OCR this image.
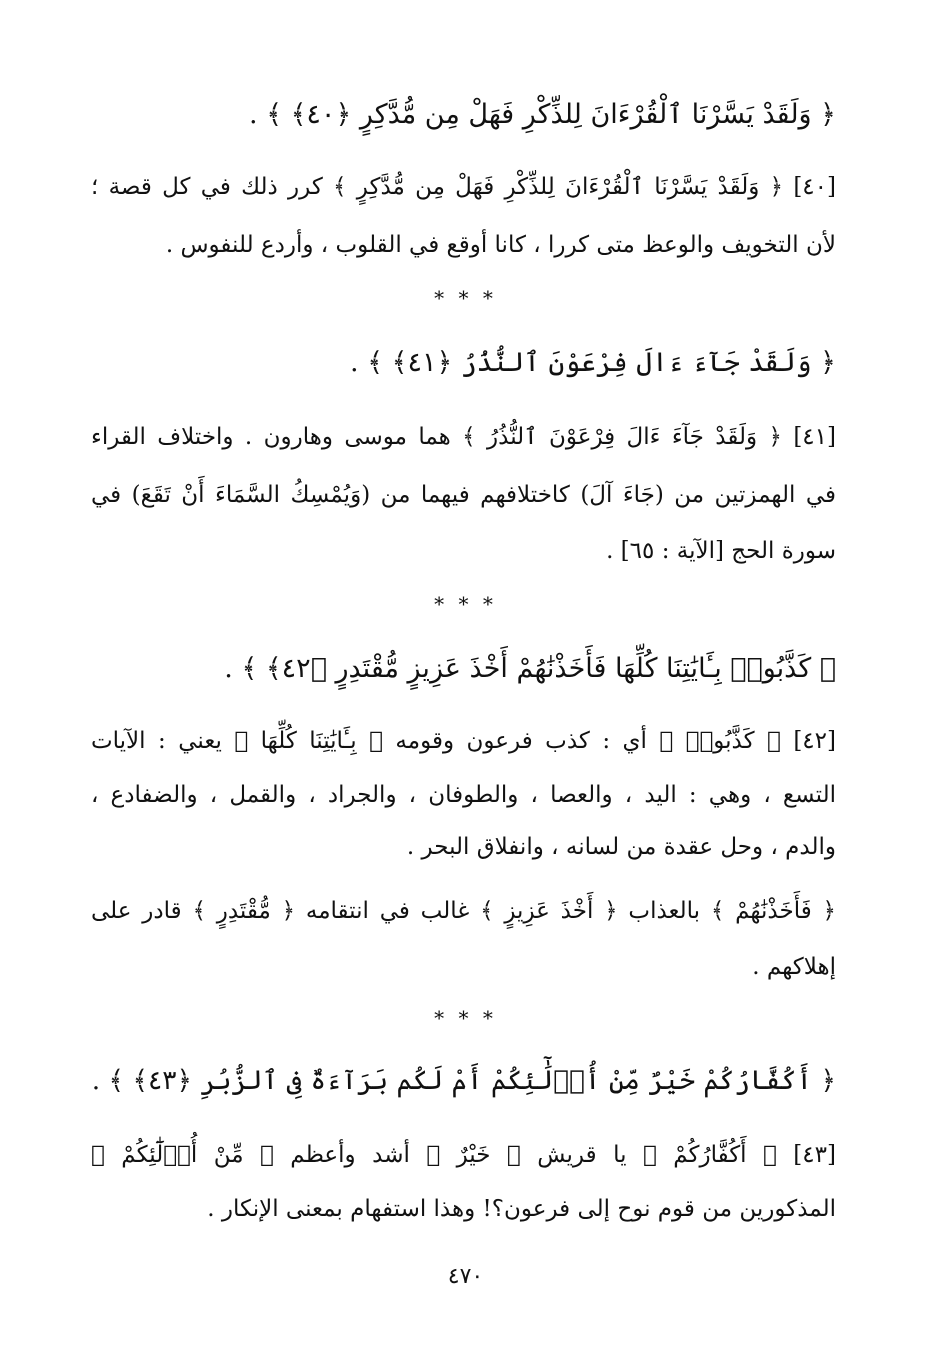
﴿ وَلَقَدْ يَسَّرْنَا ٱلْقُرْءَانَ لِلذِّكْرِ فَهَلْ مِن مُّدَّكِرٍ ﴿٤٠﴾ ﴾ .
[٤٠] ﴿ وَلَقَدْ يَسَّرْنَا ٱلْقُرْءَانَ لِلذِّكْرِ فَهَلْ مِن مُّدَّكِرٍ ﴾ كرر ذلك في كل قصة ؛
لأن التخويف والوعظ متى كررا ، كانا أوقع في القلوب ، وأردع للنفوس .
* * *
﴿ وَلَقَدْ جَآءَ ءَالَ فِرْعَوْنَ ٱلنُّذُرُ ﴿٤١﴾ ﴾ .
[٤١] ﴿ وَلَقَدْ جَآءَ ءَالَ فِرْعَوْنَ ٱلنُّذُرُ ﴾ هما موسى وهارون . واختلاف القراء
في الهمزتين من (جَاءَ آلَ) كاختلافهم فيهما من (وَيُمْسِكُ السَّمَاءَ أَنْ تَقَعَ) في
سورة الحج [الآية : ٦٥] .
* * *
﴿ كَذَّبُوا۟ بِـَٔايَٰتِنَا كُلِّهَا فَأَخَذْنَٰهُمْ أَخْذَ عَزِيزٍ مُّقْتَدِرٍ ﴿٤٢﴾ ﴾ .
[٤٢] ﴿ كَذَّبُوا۟ ﴾ أي : كذب فرعون وقومه ﴿ بِـَٔايَٰتِنَا كُلِّهَا ﴾ يعني : الآيات
التسع ، وهي : اليد ، والعصا ، والطوفان ، والجراد ، والقمل ، والضفادع ،
والدم ، وحل عقدة من لسانه ، وانفلاق البحر .
﴿ فَأَخَذْنَٰهُمْ ﴾ بالعذاب ﴿ أَخْذَ عَزِيزٍ ﴾ غالب في انتقامه ﴿ مُّقْتَدِرٍ ﴾ قادر على
إهلاكهم .
* * *
﴿ أَكُفَّارُكُمْ خَيْرٌ مِّنْ أُو۟لَٰٓئِكُمْ أَمْ لَكُم بَرَآءَةٌ فِى ٱلزُّبُرِ ﴿٤٣﴾ ﴾ .
[٤٣] ﴿ أَكُفَّارُكُمْ ﴾ يا قريش ﴿ خَيْرٌ ﴾ أشد وأعظم ﴿ مِّنْ أُو۟لَٰٓئِكُمْ ﴾
المذكورين من قوم نوح إلى فرعون؟! وهذا استفهام بمعنى الإنكار .
٤٧٠
